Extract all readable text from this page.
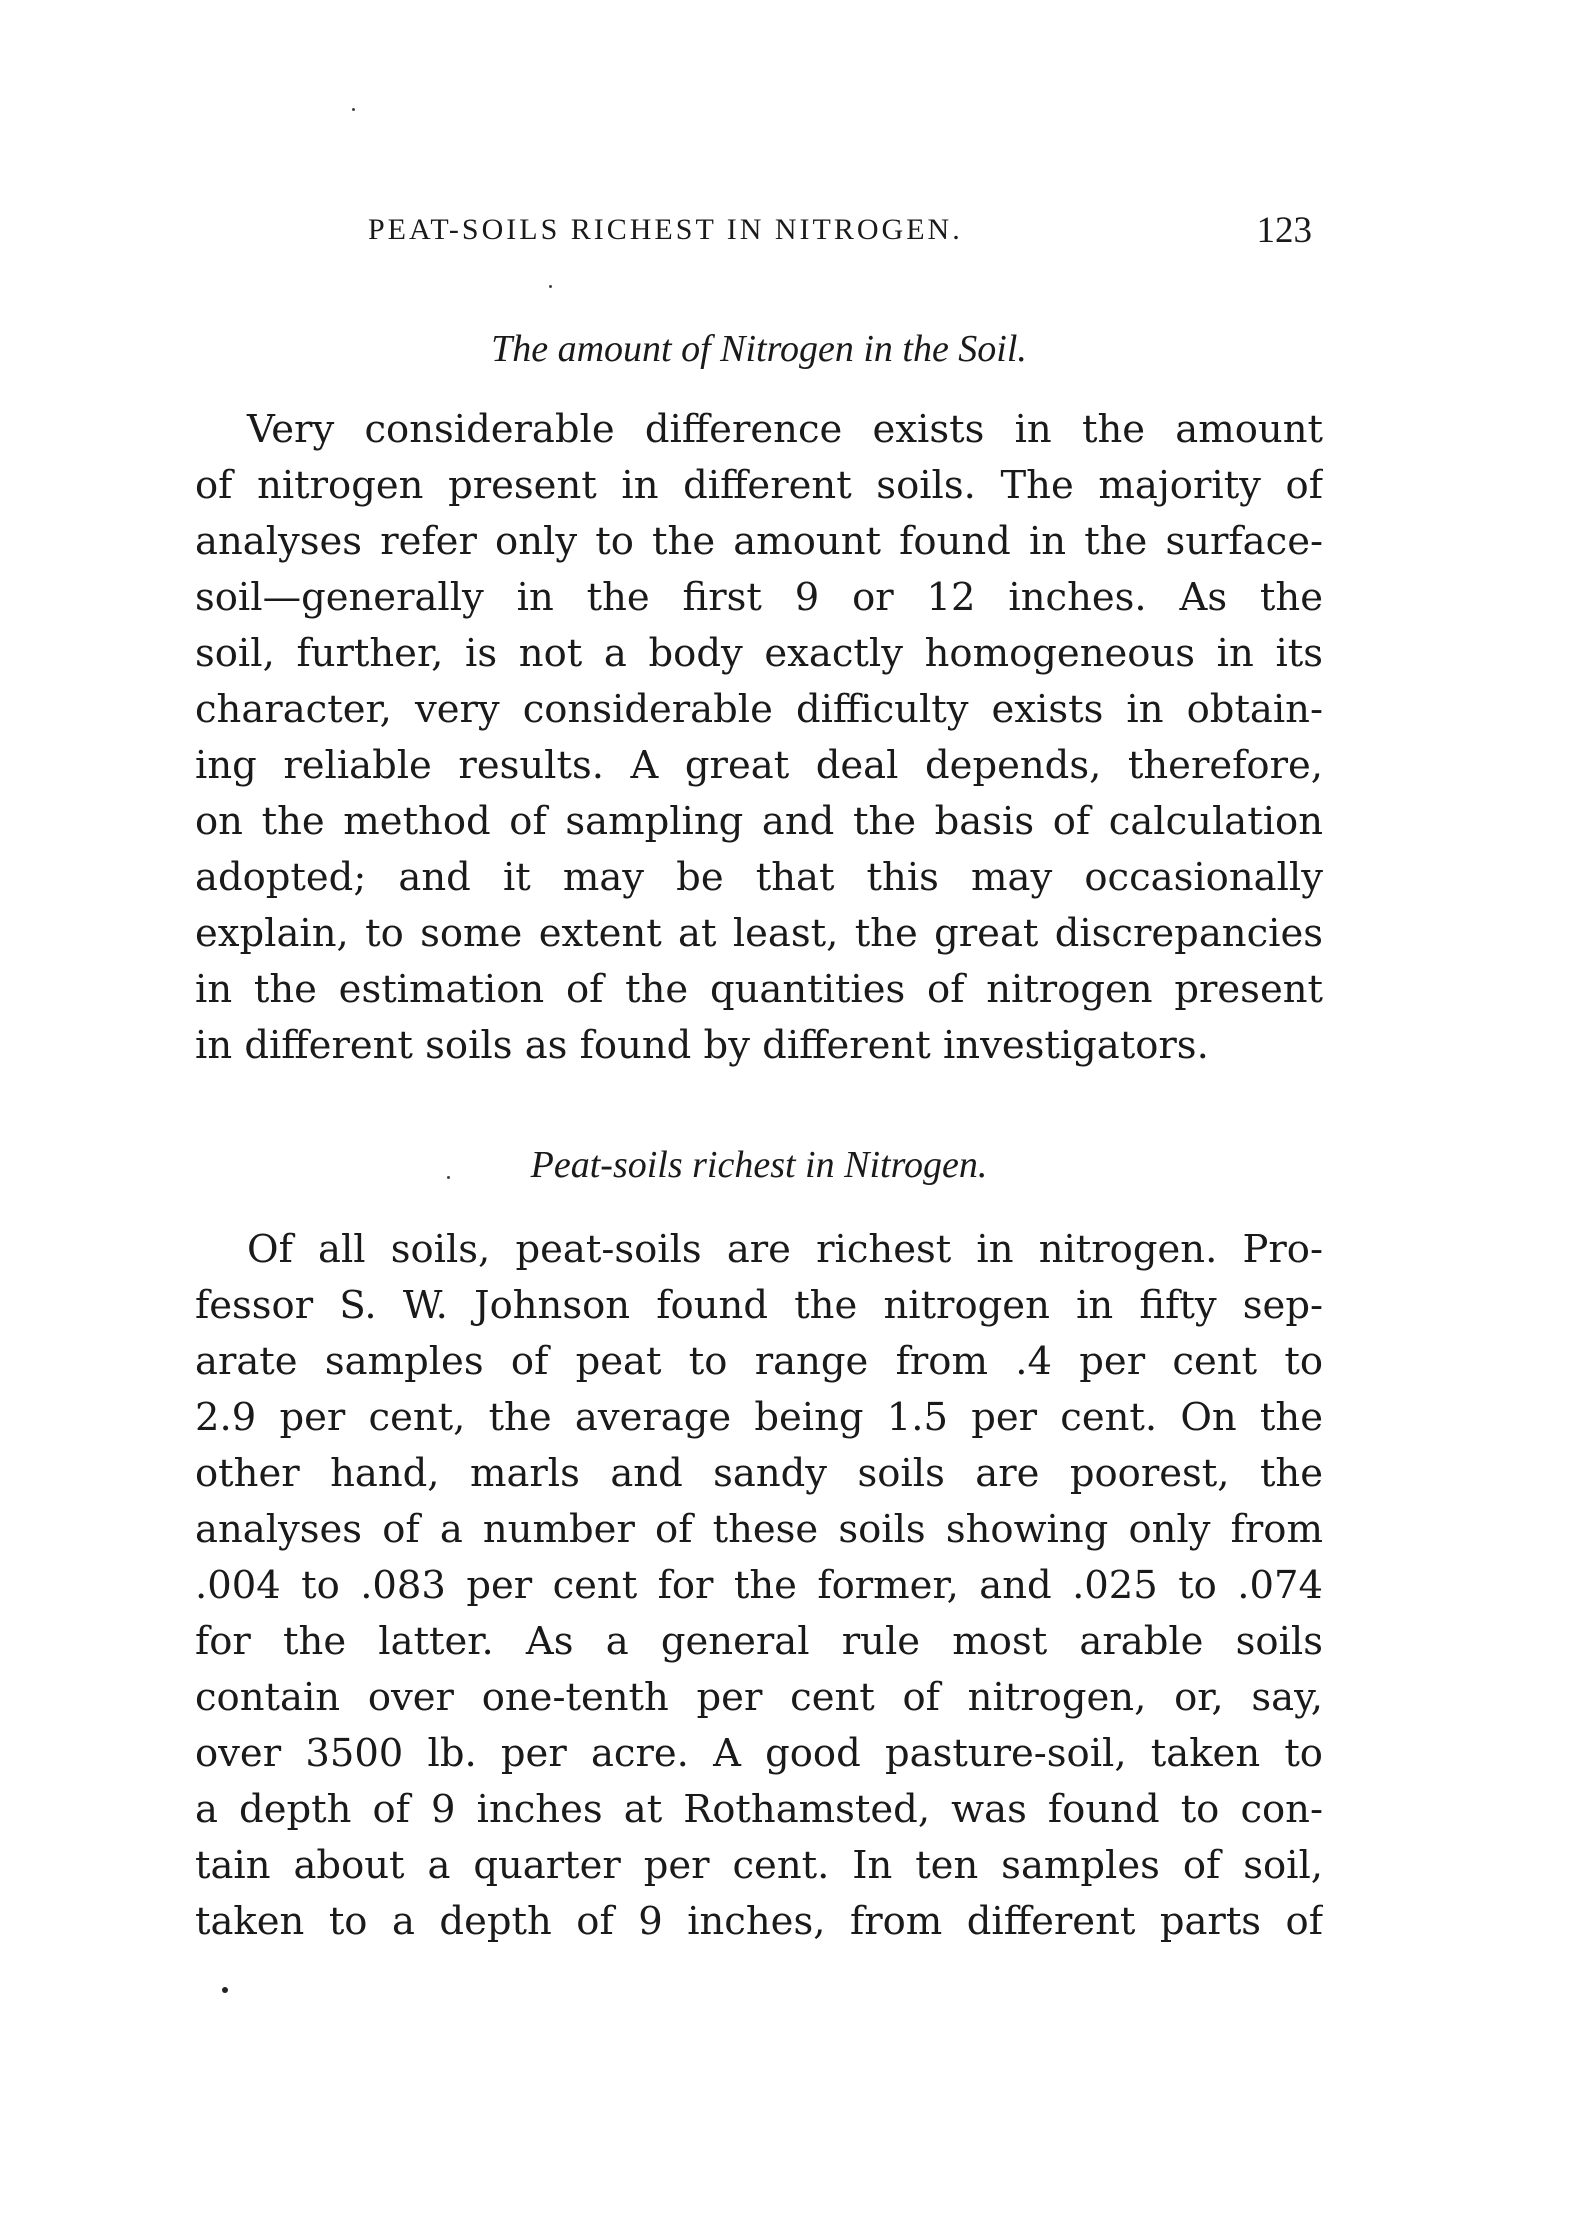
PEAT-SOILS RICHEST IN NITROGEN.	123
The amount of Nitrogen in the Soil.
Very considerable difference exists in the amount
of nitrogen present in different soils. The majority of
analyses refer only to the amount found in the surface-
soil—generally in the first 9 or 12 inches. As the
soil, further, is not a body exactly homogeneous in its
character, very considerable difficulty exists in obtain-
ing reliable results. A great deal depends, therefore,
on the method of sampling and the basis of calculation
adopted; and it may be that this may occasionally
explain, to some extent at least, the great discrepancies
in the estimation of the quantities of nitrogen present
in different soils as found by different investigators.
Peat-soils richest in Nitrogen.
Of all soils, peat-soils are richest in nitrogen. Pro-
fessor S. W. Johnson found the nitrogen in fifty sep-
arate samples of peat to range from .4 per cent to
2.9 per cent, the average being 1.5 per cent. On the
other hand, marls and sandy soils are poorest, the
analyses of a number of these soils showing only from
.004 to .083 per cent for the former, and .025 to .074
for the latter. As a general rule most arable soils
contain over one-tenth per cent of nitrogen, or, say,
over 3500 lb. per acre. A good pasture-soil, taken to
a depth of 9 inches at Rothamsted, was found to con-
tain about a quarter per cent. In ten samples of soil,
taken to a depth of 9 inches, from different parts of
